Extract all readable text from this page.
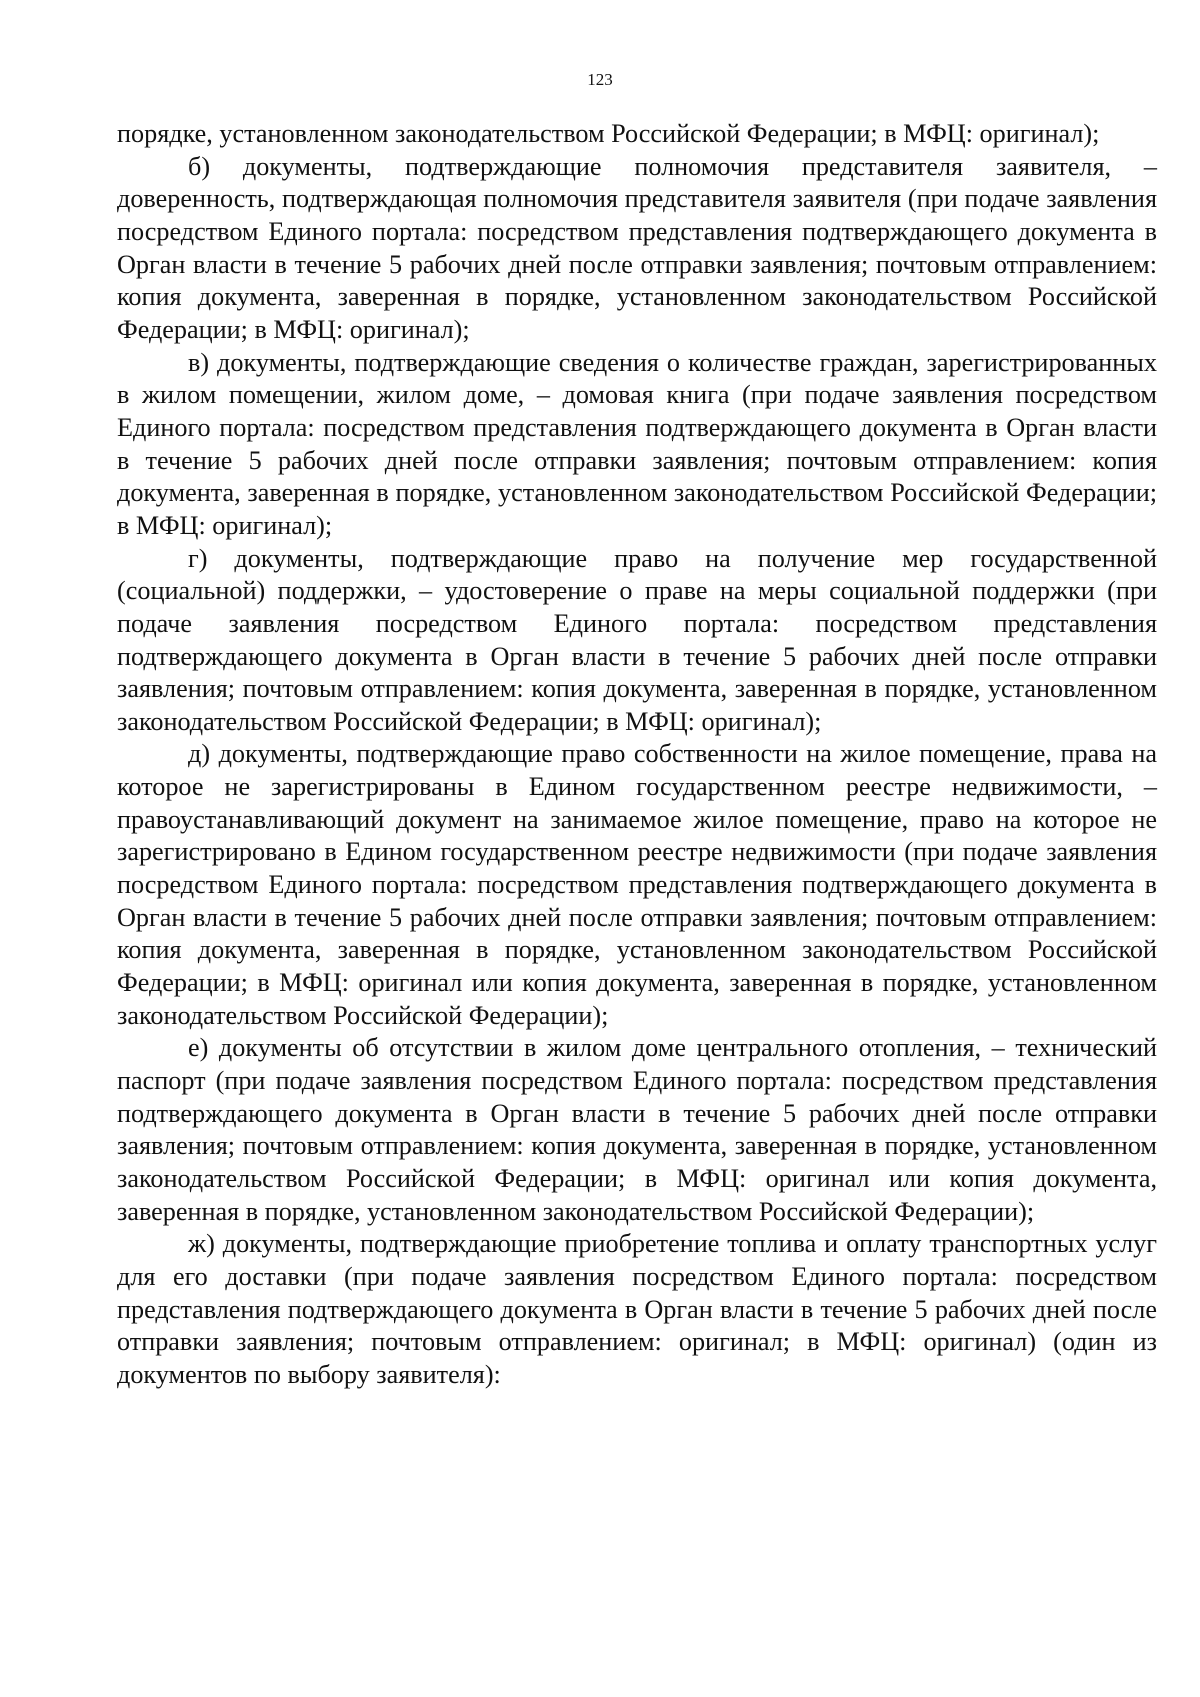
123

порядке, установленном законодательством Российской Федерации; в МФЦ: оригинал);

б) документы, подтверждающие полномочия представителя заявителя, – доверенность, подтверждающая полномочия представителя заявителя (при подаче заявления посредством Единого портала: посредством представления подтверждающего документа в Орган власти в течение 5 рабочих дней после отправки заявления; почтовым отправлением: копия документа, заверенная в порядке, установленном законодательством Российской Федерации; в МФЦ: оригинал);

в) документы, подтверждающие сведения о количестве граждан, зарегистрированных в жилом помещении, жилом доме, – домовая книга (при подаче заявления посредством Единого портала: посредством представления подтверждающего документа в Орган власти в течение 5 рабочих дней после отправки заявления; почтовым отправлением: копия документа, заверенная в порядке, установленном законодательством Российской Федерации; в МФЦ: оригинал);

г) документы, подтверждающие право на получение мер государственной (социальной) поддержки, – удостоверение о праве на меры социальной поддержки (при подаче заявления посредством Единого портала: посредством представления подтверждающего документа в Орган власти в течение 5 рабочих дней после отправки заявления; почтовым отправлением: копия документа, заверенная в порядке, установленном законодательством Российской Федерации; в МФЦ: оригинал);

д) документы, подтверждающие право собственности на жилое помещение, права на которое не зарегистрированы в Едином государственном реестре недвижимости, – правоустанавливающий документ на занимаемое жилое помещение, право на которое не зарегистрировано в Едином государственном реестре недвижимости (при подаче заявления посредством Единого портала: посредством представления подтверждающего документа в Орган власти в течение 5 рабочих дней после отправки заявления; почтовым отправлением: копия документа, заверенная в порядке, установленном законодательством Российской Федерации; в МФЦ: оригинал или копия документа, заверенная в порядке, установленном законодательством Российской Федерации);

е) документы об отсутствии в жилом доме центрального отопления, – технический паспорт (при подаче заявления посредством Единого портала: посредством представления подтверждающего документа в Орган власти в течение 5 рабочих дней после отправки заявления; почтовым отправлением: копия документа, заверенная в порядке, установленном законодательством Российской Федерации; в МФЦ: оригинал или копия документа, заверенная в порядке, установленном законодательством Российской Федерации);

ж) документы, подтверждающие приобретение топлива и оплату транспортных услуг для его доставки (при подаче заявления посредством Единого портала: посредством представления подтверждающего документа в Орган власти в течение 5 рабочих дней после отправки заявления; почтовым отправлением: оригинал; в МФЦ: оригинал) (один из документов по выбору заявителя):
